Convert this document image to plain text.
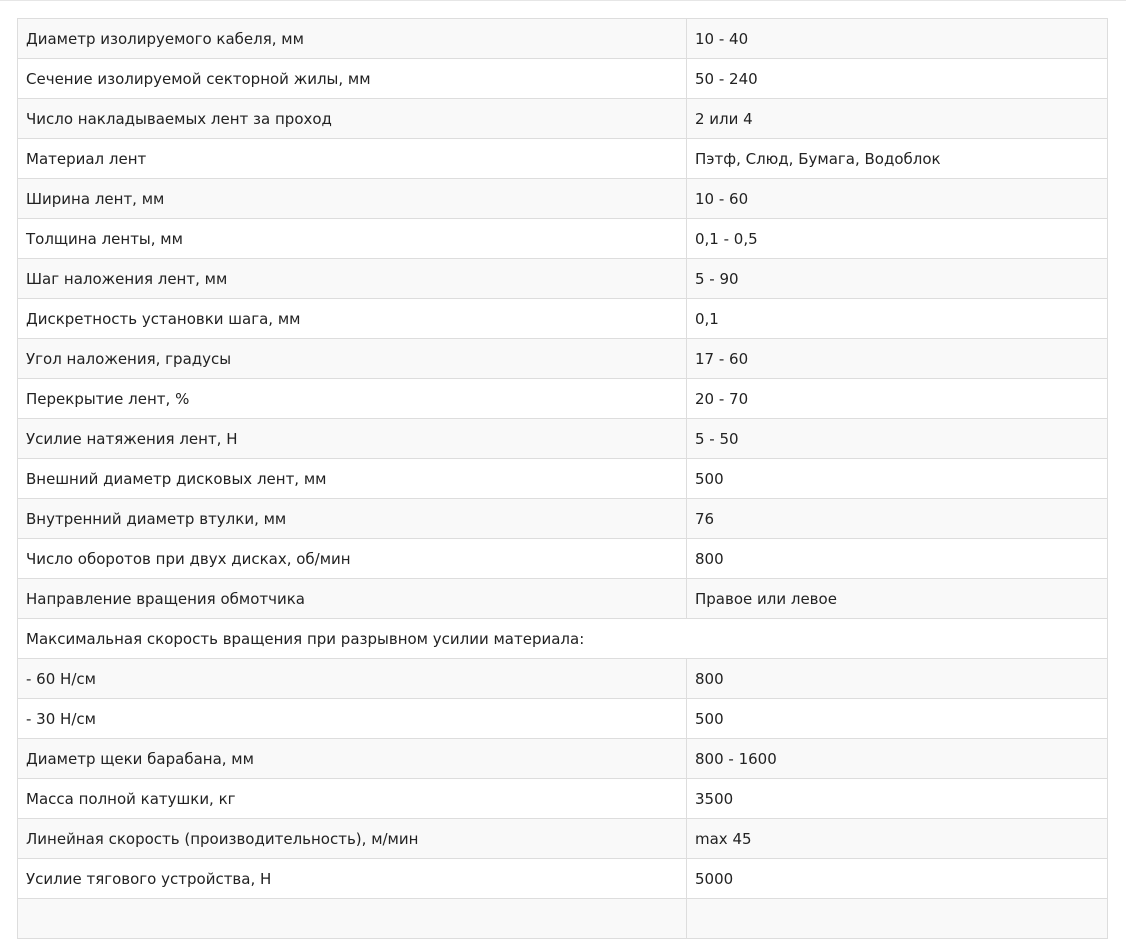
Диаметр изолируемого кабеля, мм	10 - 40
Сечение изолируемой секторной жилы, мм	50 - 240
Число накладываемых лент за проход	2 или 4
Материал лент	Пэтф, Слюд, Бумага, Водоблок
Ширина лент, мм	10 - 60
Толщина ленты, мм	0,1 - 0,5
Шаг наложения лент, мм	5 - 90
Дискретность установки шага, мм	0,1
Угол наложения, градусы	17 - 60
Перекрытие лент, %	20 - 70
Усилие натяжения лент, Н	5 - 50
Внешний диаметр дисковых лент, мм	500
Внутренний диаметр втулки, мм	76
Число оборотов при двух дисках, об/мин	800
Направление вращения обмотчика	Правое или левое
Максимальная скорость вращения при разрывном усилии материала:	
- 60 Н/см	800
- 30 Н/см	500
Диаметр щеки барабана, мм	800 - 1600
Масса полной катушки, кг	3500
Линейная скорость (производительность), м/мин	max 45
Усилие тягового устройства, Н	5000
